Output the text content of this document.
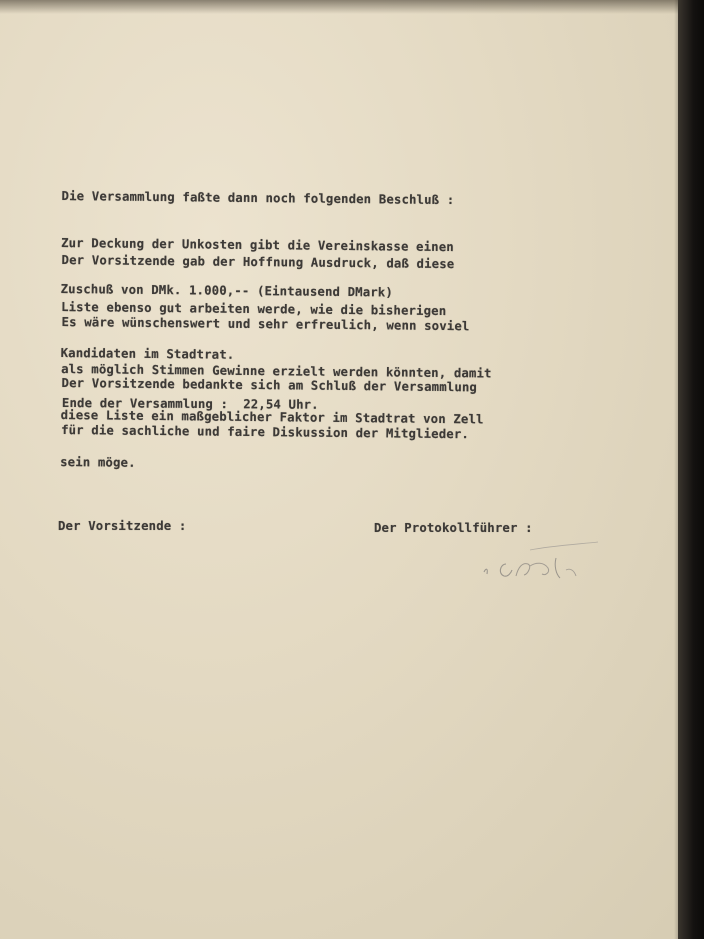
Die Versammlung faßte dann noch folgenden Beschluß :

Zur Deckung der Unkosten gibt die Vereinskasse einen

Zuschuß von DMk. 1.000,-- (Eintausend DMark)

Der Vorsitzende gab der Hoffnung Ausdruck, daß diese

Liste ebenso gut arbeiten werde, wie die bisherigen

Kandidaten im Stadtrat.

Es wäre wünschenswert und sehr erfreulich, wenn soviel

als möglich Stimmen Gewinne erzielt werden könnten, damit

diese Liste ein maßgeblicher Faktor im Stadtrat von Zell

sein möge.

Der Vorsitzende bedankte sich am Schluß der Versammlung

für die sachliche und faire Diskussion der Mitglieder.

Ende der Versammlung :  22,54 Uhr.
Der Vorsitzende :	Der Protokollführer :
